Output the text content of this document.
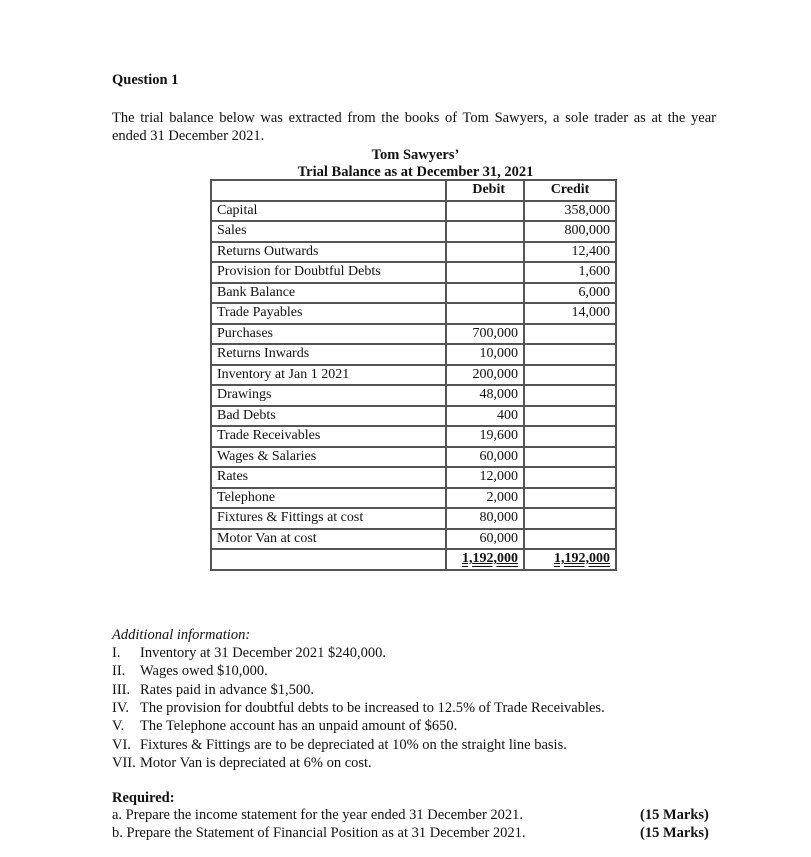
Question 1
The trial balance below was extracted from the books of Tom Sawyers, a sole trader as at the year ended 31 December 2021.
Tom Sawyers’
Trial Balance as at December 31, 2021
	Debit	Credit
Capital		358,000
Sales		800,000
Returns Outwards		12,400
Provision for Doubtful Debts		1,600
Bank Balance		6,000
Trade Payables		14,000
Purchases	700,000	
Returns Inwards	10,000	
Inventory at Jan 1 2021	200,000	
Drawings	48,000	
Bad Debts	400	
Trade Receivables	19,600	
Wages & Salaries	60,000	
Rates	12,000	
Telephone	2,000	
Fixtures & Fittings at cost	80,000	
Motor Van at cost	60,000	
	1,192,000	1,192,000
Additional information:
I. Inventory at 31 December 2021 $240,000.
II. Wages owed $10,000.
III. Rates paid in advance $1,500.
IV. The provision for doubtful debts to be increased to 12.5% of Trade Receivables.
V. The Telephone account has an unpaid amount of $650.
VI. Fixtures & Fittings are to be depreciated at 10% on the straight line basis.
VII. Motor Van is depreciated at 6% on cost.
Required:
a. Prepare the income statement for the year ended 31 December 2021.	(15 Marks)
b. Prepare the Statement of Financial Position as at 31 December 2021.	(15 Marks)
